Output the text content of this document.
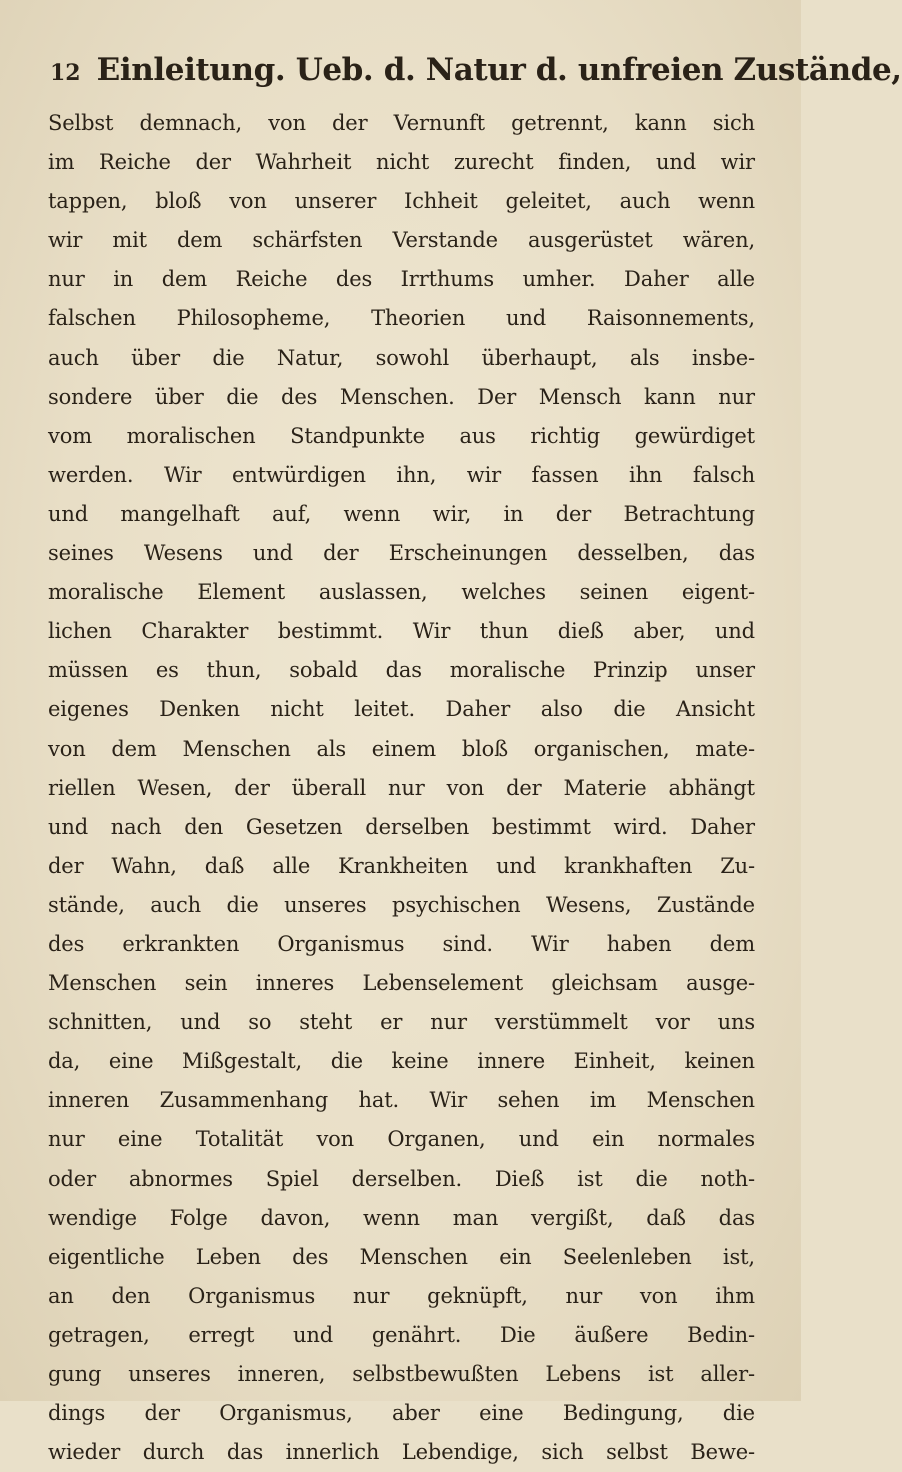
12 Einleitung. Ueb. d. Natur d. unfreien Zustände,
Selbst demnach, von der Vernunft getrennt, kann sich
im Reiche der Wahrheit nicht zurecht finden, und wir
tappen, bloß von unserer Ichheit geleitet, auch wenn
wir mit dem schärfsten Verstande ausgerüstet wären,
nur in dem Reiche des Irrthums umher. Daher alle
falschen Philosopheme, Theorien und Raisonnements,
auch über die Natur, sowohl überhaupt, als insbe-
sondere über die des Menschen. Der Mensch kann nur
vom moralischen Standpunkte aus richtig gewürdiget
werden. Wir entwürdigen ihn, wir fassen ihn falsch
und mangelhaft auf, wenn wir, in der Betrachtung
seines Wesens und der Erscheinungen desselben, das
moralische Element auslassen, welches seinen eigent-
lichen Charakter bestimmt. Wir thun dieß aber, und
müssen es thun, sobald das moralische Prinzip unser
eigenes Denken nicht leitet. Daher also die Ansicht
von dem Menschen als einem bloß organischen, mate-
riellen Wesen, der überall nur von der Materie abhängt
und nach den Gesetzen derselben bestimmt wird. Daher
der Wahn, daß alle Krankheiten und krankhaften Zu-
stände, auch die unseres psychischen Wesens, Zustände
des erkrankten Organismus sind. Wir haben dem
Menschen sein inneres Lebenselement gleichsam ausge-
schnitten, und so steht er nur verstümmelt vor uns
da, eine Mißgestalt, die keine innere Einheit, keinen
inneren Zusammenhang hat. Wir sehen im Menschen
nur eine Totalität von Organen, und ein normales
oder abnormes Spiel derselben. Dieß ist die noth-
wendige Folge davon, wenn man vergißt, daß das
eigentliche Leben des Menschen ein Seelenleben ist,
an den Organismus nur geknüpft, nur von ihm
getragen, erregt und genährt. Die äußere Bedin-
gung unseres inneren, selbstbewußten Lebens ist aller-
dings der Organismus, aber eine Bedingung, die
wieder durch das innerlich Lebendige, sich selbst Bewe-
